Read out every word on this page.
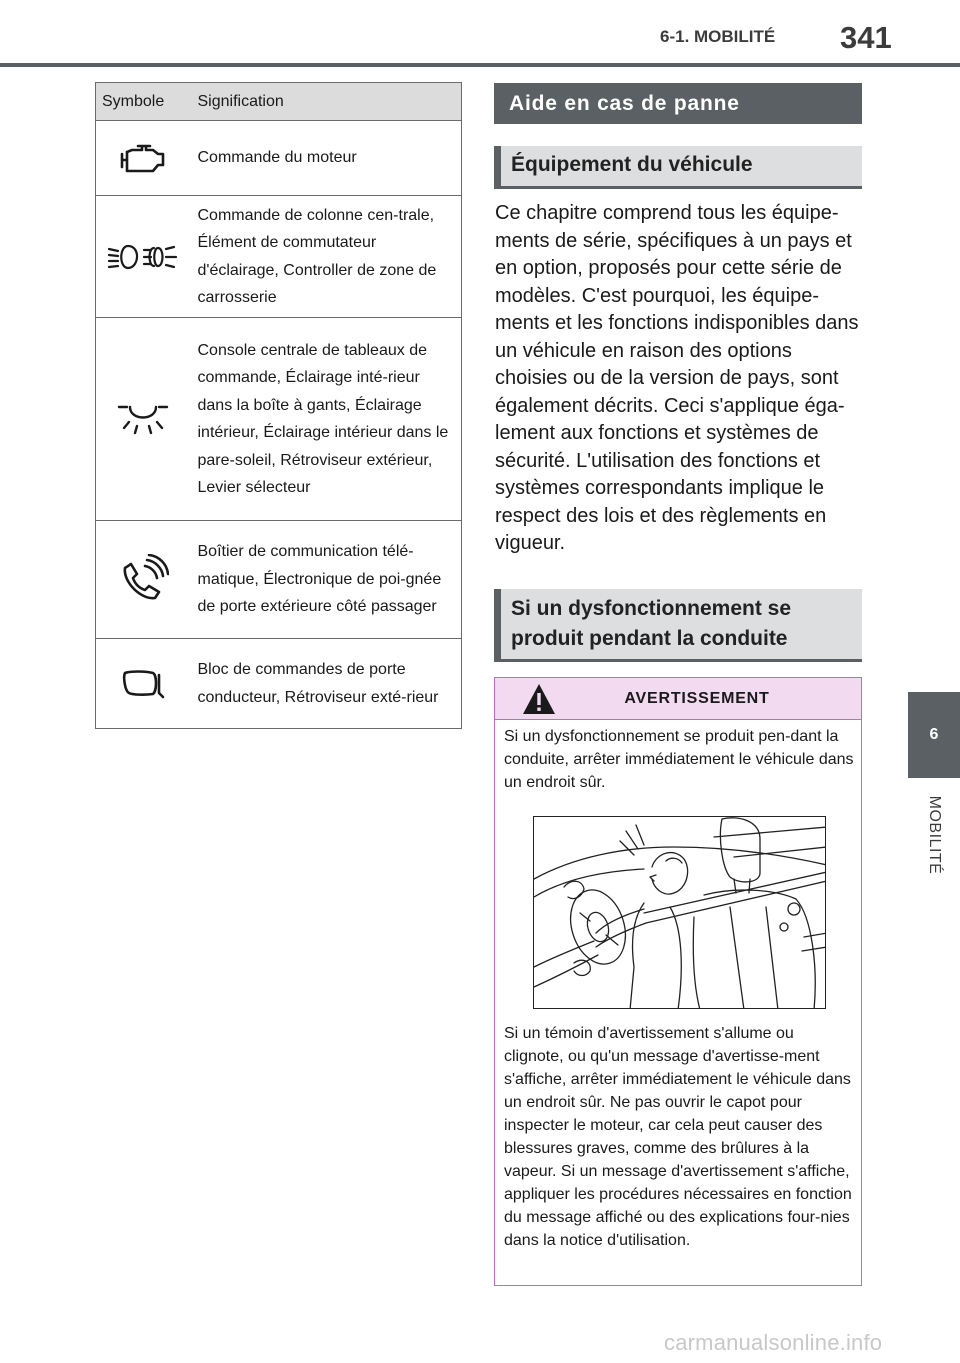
6-1. MOBILITÉ 341
6
MOBILITÉ
Symbole	Signification

	Commande du moteur

	Commande de colonne cen-trale, Élément de commutateur d'éclairage, Controller de zone de carrosserie

	Console centrale de tableaux de commande, Éclairage inté-rieur dans la boîte à gants, Éclairage intérieur, Éclairage intérieur dans le pare-soleil, Rétroviseur extérieur, Levier sélecteur

	Boîtier de communication télé-matique, Électronique de poi-gnée de porte extérieure côté passager

	Bloc de commandes de porte conducteur, Rétroviseur exté-rieur
Aide en cas de panne
Équipement du véhicule
Ce chapitre comprend tous les équipe-ments de série, spécifiques à un pays et en option, proposés pour cette série de modèles. C'est pourquoi, les équipe-ments et les fonctions indisponibles dans un véhicule en raison des options choisies ou de la version de pays, sont également décrits. Ceci s'applique éga-lement aux fonctions et systèmes de sécurité. L'utilisation des fonctions et systèmes correspondants implique le respect des lois et des règlements en vigueur.
Si un dysfonctionnement se produit pendant la conduite
AVERTISSEMENT
Si un dysfonctionnement se produit pen-dant la conduite, arrêter immédiatement le véhicule dans un endroit sûr.
Si un témoin d'avertissement s'allume ou clignote, ou qu'un message d'avertisse-ment s'affiche, arrêter immédiatement le véhicule dans un endroit sûr. Ne pas ouvrir le capot pour inspecter le moteur, car cela peut causer des blessures graves, comme des brûlures à la vapeur. Si un message d'avertissement s'affiche, appliquer les procédures nécessaires en fonction du message affiché ou des explications four-nies dans la notice d'utilisation.
carmanualsonline.info
